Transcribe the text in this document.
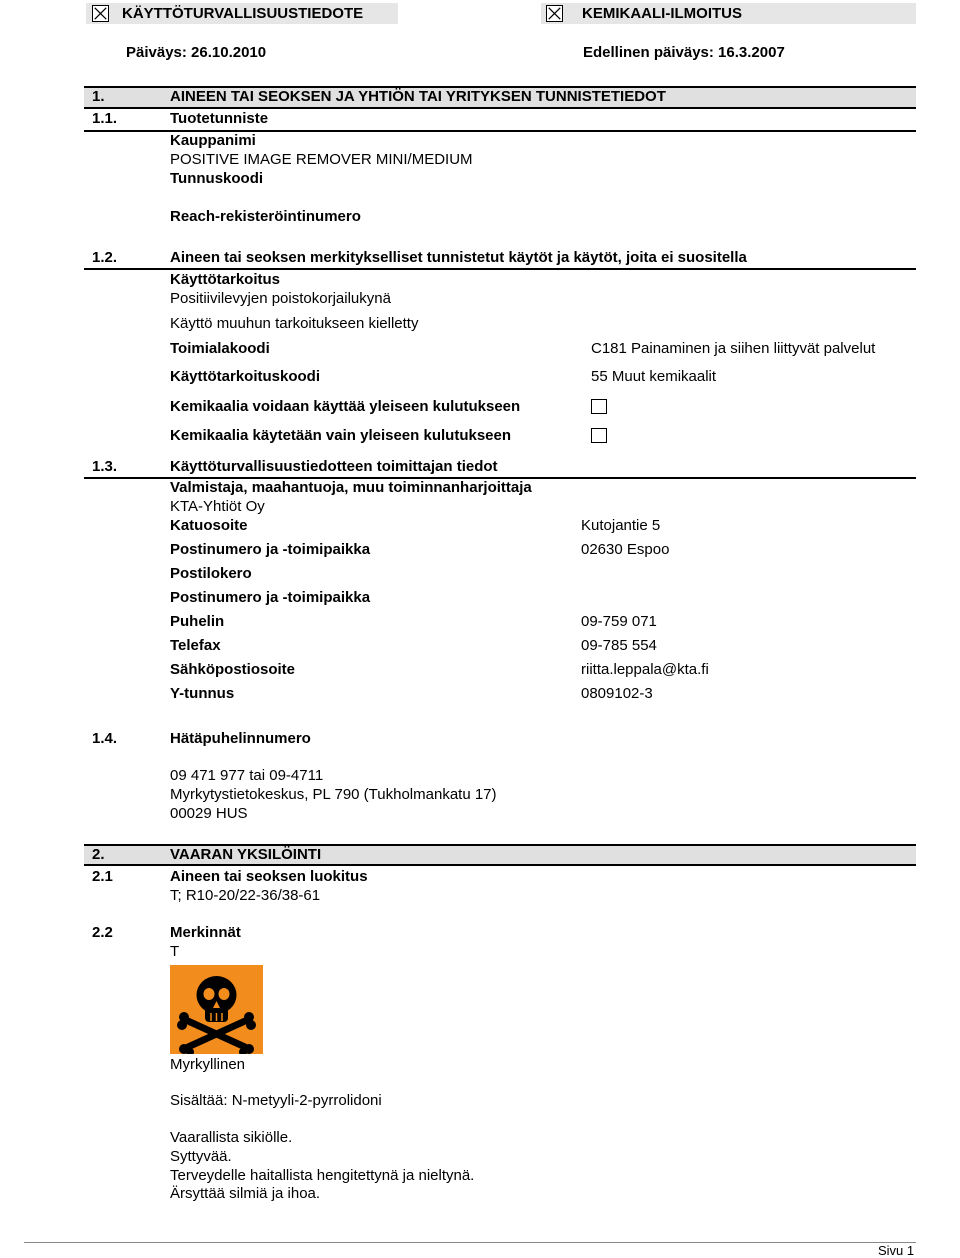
KÄYTTÖTURVALLISUUSTIEDOTE	KEMIKAALI-ILMOITUS
Päiväys: 26.10.2010	Edellinen päiväys: 16.3.2007
1.	AINEEN TAI SEOKSEN JA YHTIÖN TAI YRITYKSEN TUNNISTETIEDOT
1.1.	Tuotetunniste
Kauppanimi
POSITIVE IMAGE REMOVER MINI/MEDIUM
Tunnuskoodi
Reach-rekisteröintinumero
1.2.	Aineen tai seoksen merkitykselliset tunnistetut käytöt ja käytöt, joita ei suositella
Käyttötarkoitus
Positiivilevyjen poistokorjailukynä
Käyttö muuhun tarkoitukseen kielletty
Toimialakoodi	C181 Painaminen ja siihen liittyvät palvelut
Käyttötarkoituskoodi	55 Muut kemikaalit
Kemikaalia voidaan käyttää yleiseen kulutukseen
Kemikaalia käytetään vain yleiseen kulutukseen
1.3.	Käyttöturvallisuustiedotteen toimittajan tiedot
Valmistaja, maahantuoja, muu toiminnanharjoittaja
KTA-Yhtiöt Oy
Katuosoite	Kutojantie 5
Postinumero ja -toimipaikka	02630 Espoo
Postilokero
Postinumero ja -toimipaikka
Puhelin	09-759 071
Telefax	09-785 554
Sähköpostiosoite	riitta.leppala@kta.fi
Y-tunnus	0809102-3
1.4.	Hätäpuhelinnumero
09 471 977 tai 09-4711
Myrkytystietokeskus, PL 790 (Tukholmankatu 17)
00029 HUS
2.	VAARAN YKSILÖINTI
2.1	Aineen tai seoksen luokitus
T; R10-20/22-36/38-61
2.2	Merkinnät
T
Myrkyllinen
Sisältää: N-metyyli-2-pyrrolidoni
Vaarallista sikiölle.
Syttyvää.
Terveydelle haitallista hengitettynä ja nieltynä.
Ärsyttää silmiä ja ihoa.
Sivu 1
